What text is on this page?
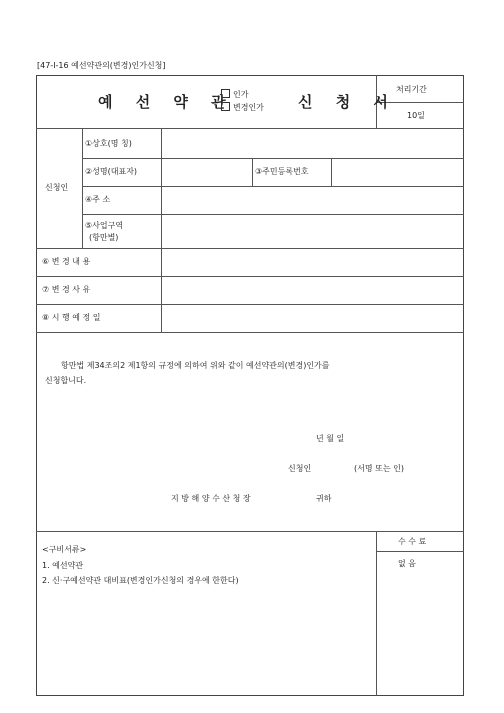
[47-Ⅰ-16 예선약관의(변경)인가신청]
예 선 약 관
인가
변경인가 신 청 서
처리기간
10일
신청인
①상호(명 칭)
②성명(대표자)	③주민등록번호
④주 소
⑤사업구역
(항만별)
⑥ 변 경 내 용
⑦ 변 경 사 유
⑧ 시 행 예 정 일
항만법 제34조의2 제1항의 규정에 의하여 위와 같이 예선약관의(변경)인가를
신청합니다.
년 월 일
신청인	(서명 또는 인)
지 방 해 양 수 산 청 장	귀하
<구비서류>
1. 예선약관
2. 신·구예선약관 대비표(변경인가신청의 경우에 한한다)
수 수 료
없 음
